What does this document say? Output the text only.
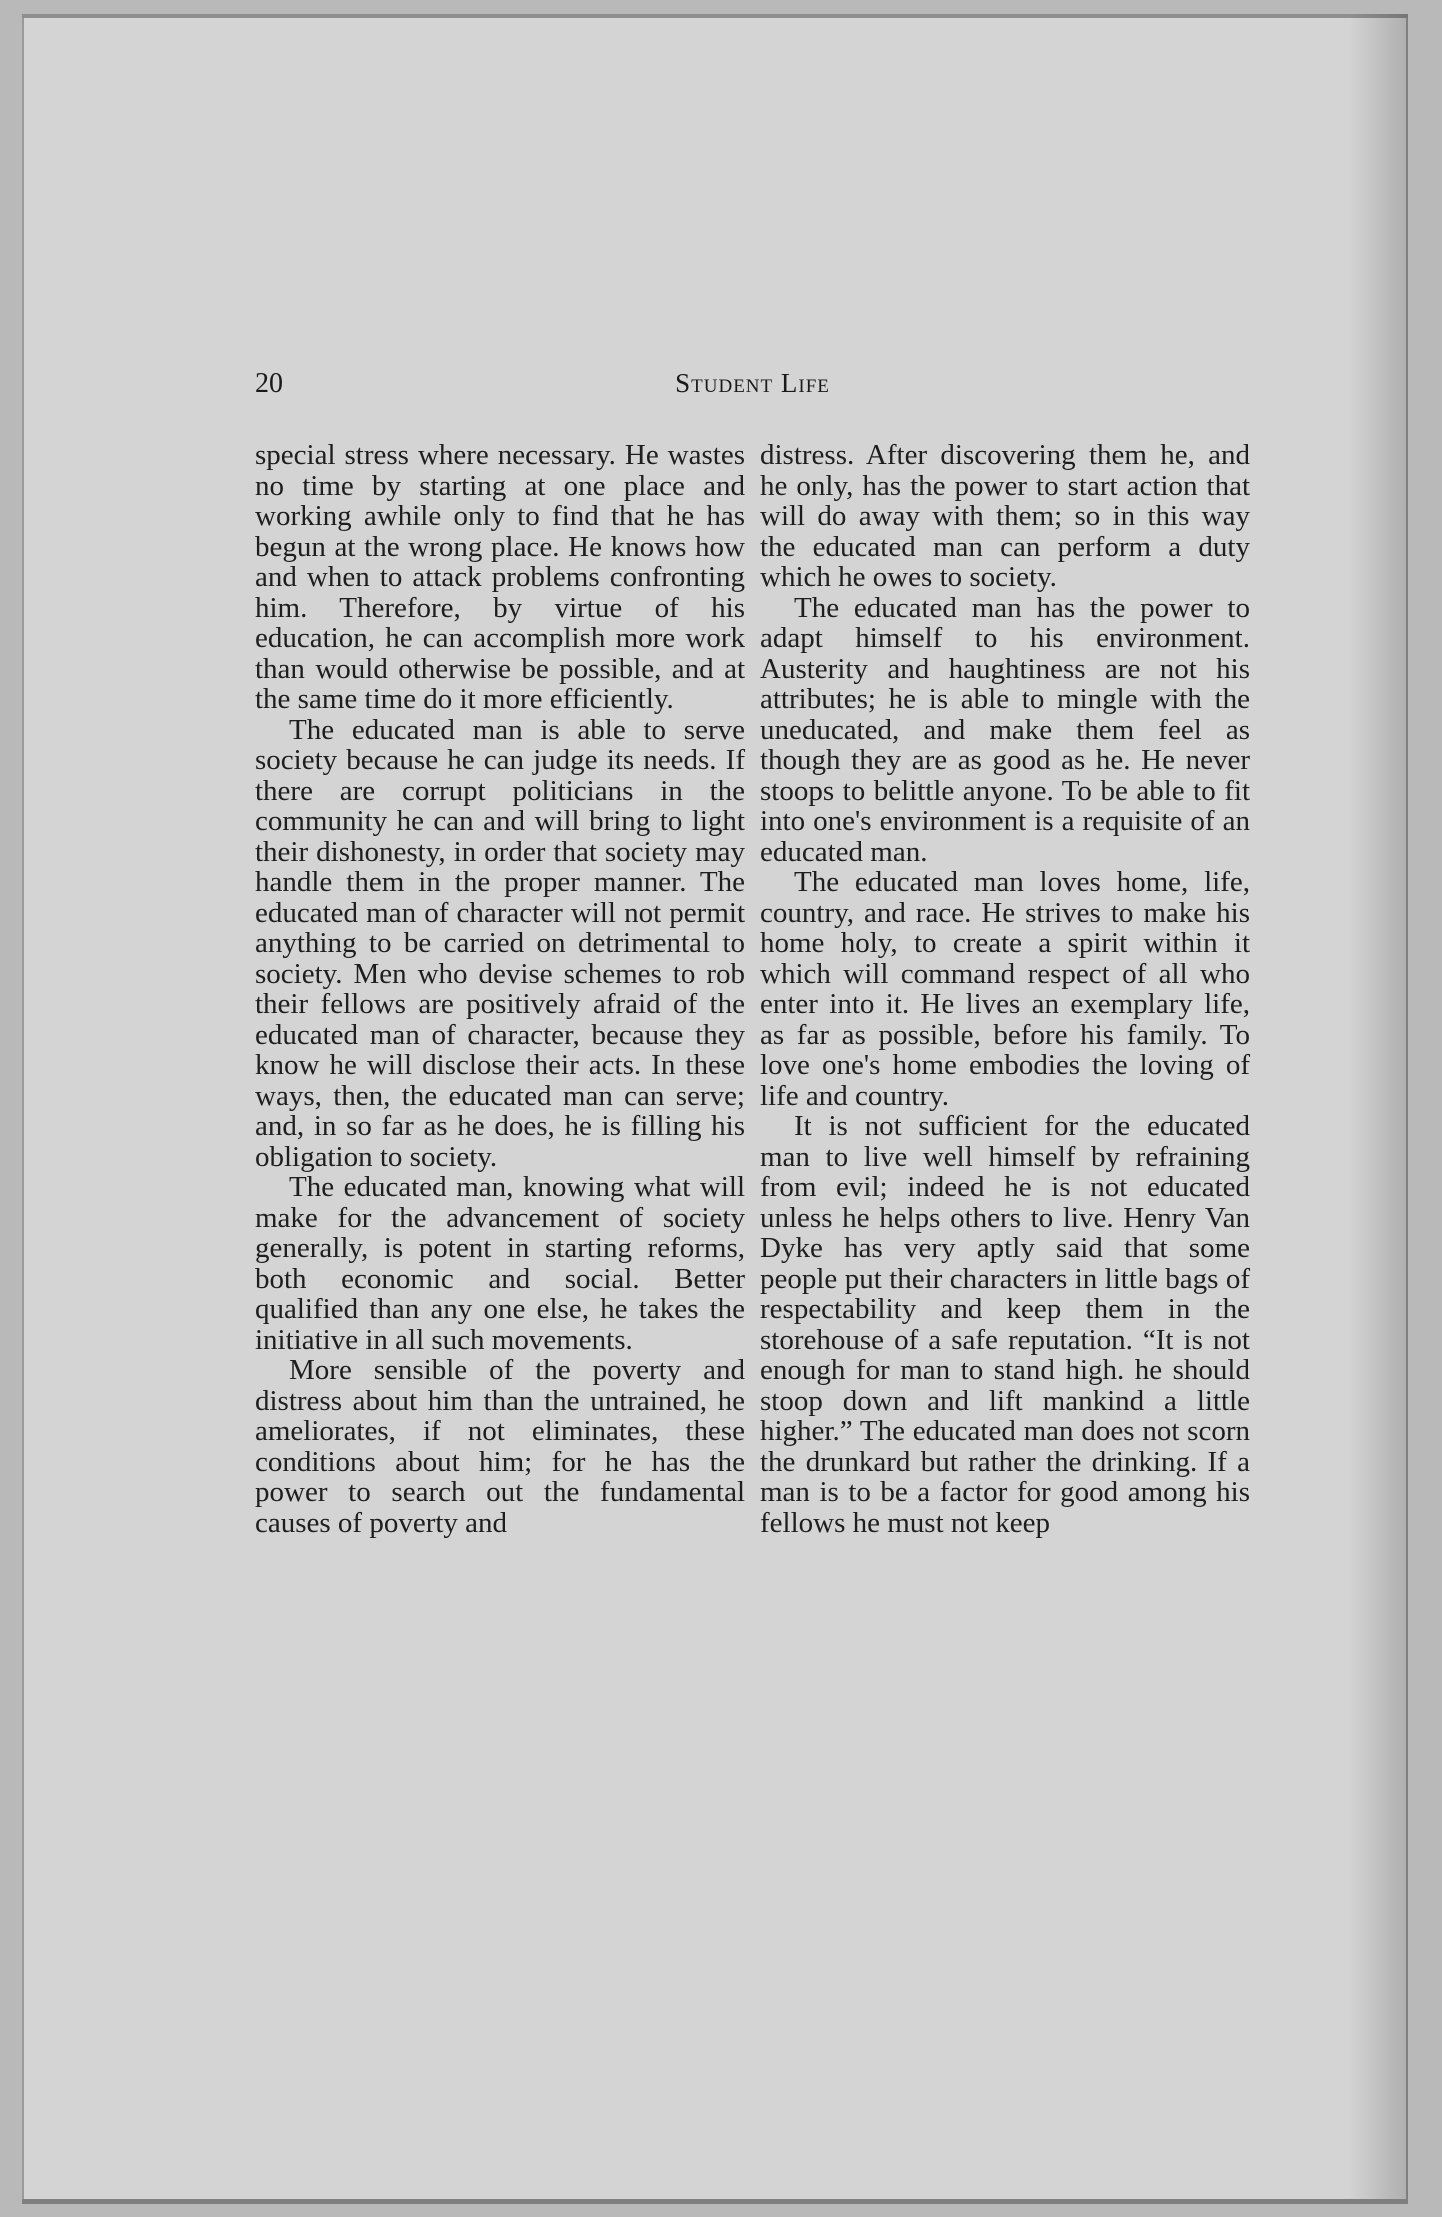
20	Student Life

special stress where necessary. He wastes no time by starting at one place and working awhile only to find that he has begun at the wrong place. He knows how and when to attack problems confronting him. Therefore, by virtue of his education, he can accomplish more work than would otherwise be possible, and at the same time do it more efficiently.

The educated man is able to serve society because he can judge its needs. If there are corrupt politicians in the community he can and will bring to light their dishonesty, in order that society may handle them in the proper manner. The educated man of character will not permit anything to be carried on detrimental to society. Men who devise schemes to rob their fellows are positively afraid of the educated man of character, because they know he will disclose their acts. In these ways, then, the educated man can serve; and, in so far as he does, he is filling his obligation to society.

The educated man, knowing what will make for the advancement of society generally, is potent in starting reforms, both economic and social. Better qualified than any one else, he takes the initiative in all such movements.

More sensible of the poverty and distress about him than the untrained, he ameliorates, if not eliminates, these conditions about him; for he has the power to search out the fundamental causes of poverty and

distress. After discovering them he, and he only, has the power to start action that will do away with them; so in this way the educated man can perform a duty which he owes to society.

The educated man has the power to adapt himself to his environment. Austerity and haughtiness are not his attributes; he is able to mingle with the uneducated, and make them feel as though they are as good as he. He never stoops to belittle anyone. To be able to fit into one's environment is a requisite of an educated man.

The educated man loves home, life, country, and race. He strives to make his home holy, to create a spirit within it which will command respect of all who enter into it. He lives an exemplary life, as far as possible, before his family. To love one's home embodies the loving of life and country.

It is not sufficient for the educated man to live well himself by refraining from evil; indeed he is not educated unless he helps others to live. Henry Van Dyke has very aptly said that some people put their characters in little bags of respectability and keep them in the storehouse of a safe reputation. “It is not enough for man to stand high. he should stoop down and lift mankind a little higher.” The educated man does not scorn the drunkard but rather the drinking. If a man is to be a factor for good among his fellows he must not keep
